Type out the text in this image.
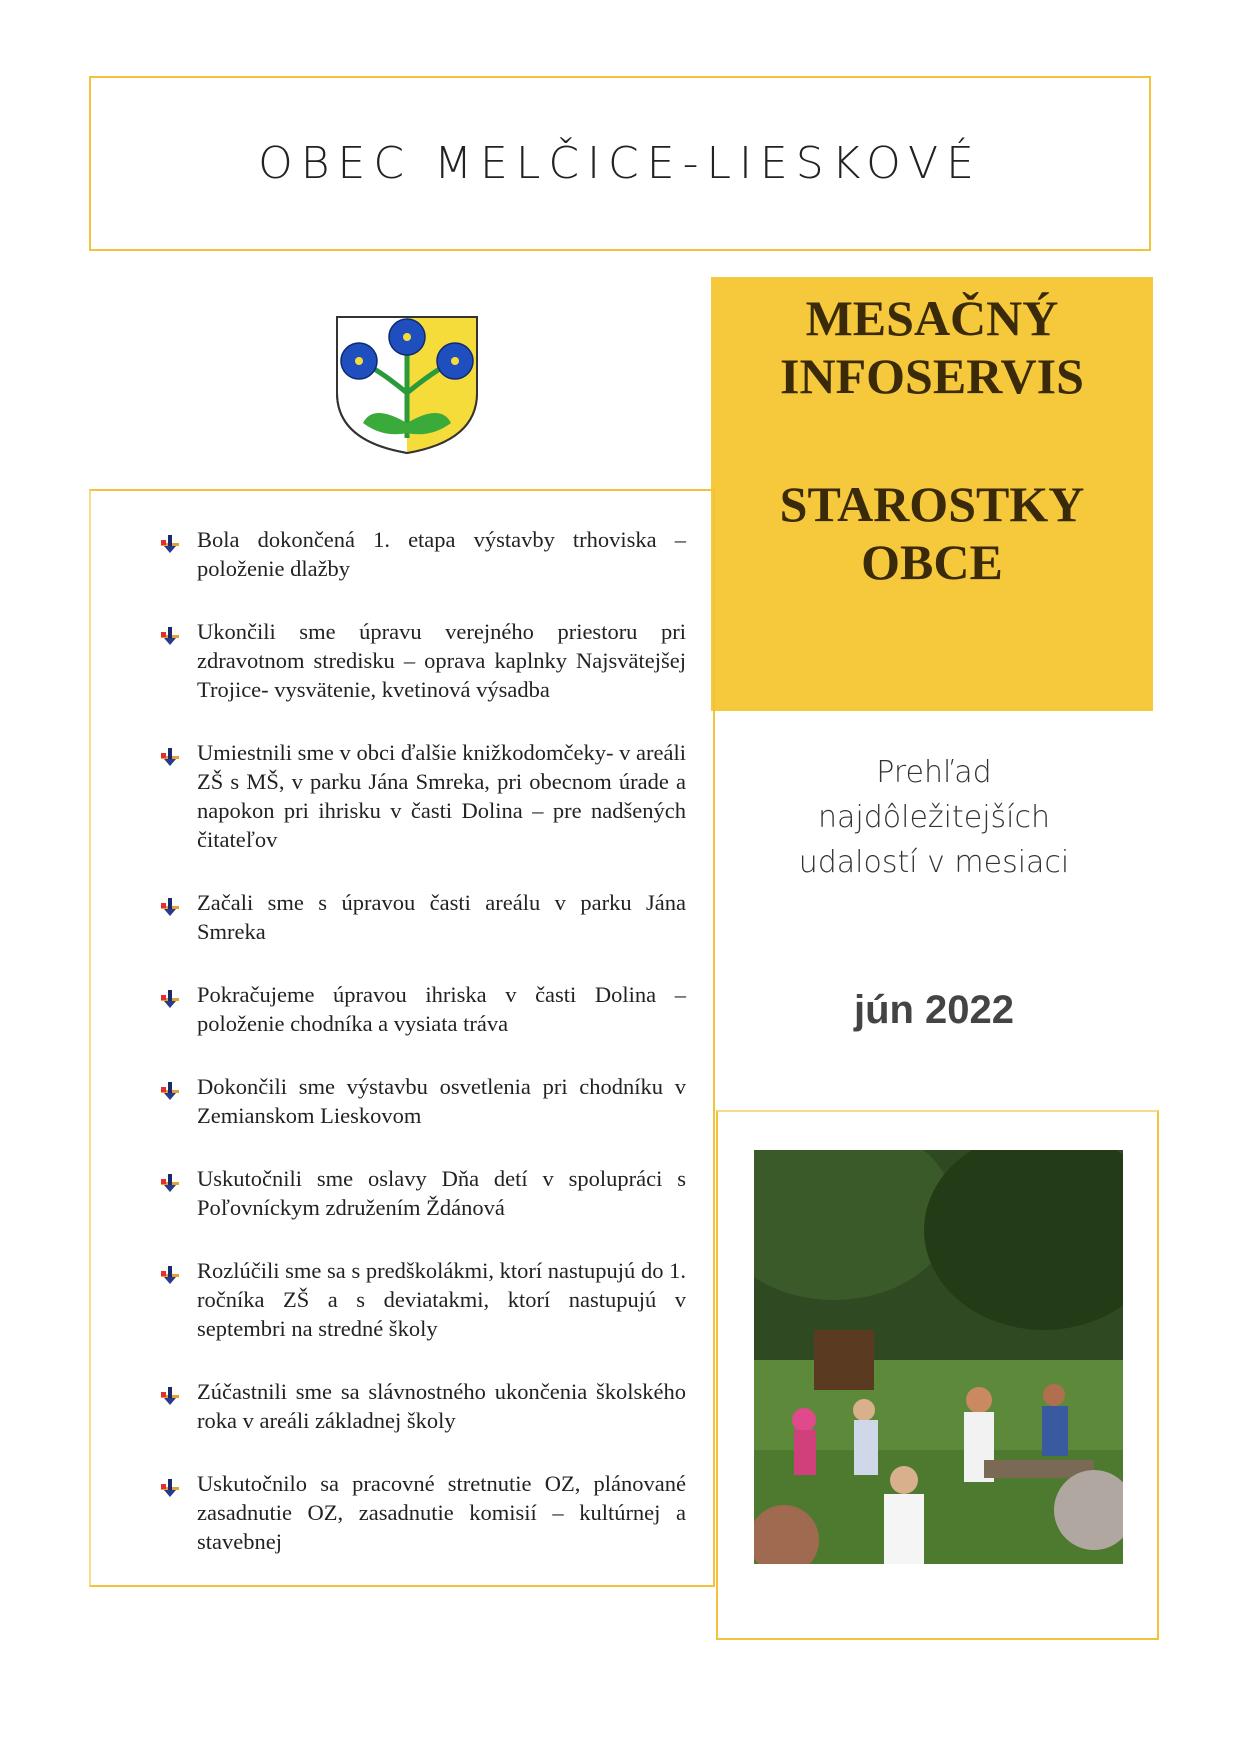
OBEC MELČICE-LIESKOVÉ
MESAČNÝ
INFOSERVIS
STAROSTKY
OBCE
Bola dokončená 1. etapa výstavby trhoviska – položenie dlažby
Ukončili sme úpravu verejného priestoru pri zdravotnom stredisku – oprava kaplnky Najsvätejšej Trojice- vysvätenie, kvetinová výsadba
Umiestnili sme v obci ďalšie knižkodomčeky- v areáli ZŠ s MŠ, v parku Jána Smreka, pri obecnom úrade a napokon pri ihrisku v časti Dolina – pre nadšených čitateľov
Začali sme s úpravou časti areálu v parku Jána Smreka
Pokračujeme úpravou ihriska v časti Dolina – položenie chodníka a vysiata tráva
Dokončili sme výstavbu osvetlenia pri chodníku v Zemianskom Lieskovom
Uskutočnili sme oslavy Dňa detí v spolupráci s Poľovníckym združením Ždánová
Rozlúčili sme sa s predškolákmi, ktorí nastupujú do 1. ročníka ZŠ a s deviatakmi, ktorí nastupujú v septembri na stredné školy
Zúčastnili sme sa slávnostného ukončenia školského roka v areáli základnej školy
Uskutočnilo sa pracovné stretnutie OZ, plánované zasadnutie OZ, zasadnutie komisií – kultúrnej a stavebnej
Prehľad
najdôležitejších
udalostí v mesiaci
jún 2022
